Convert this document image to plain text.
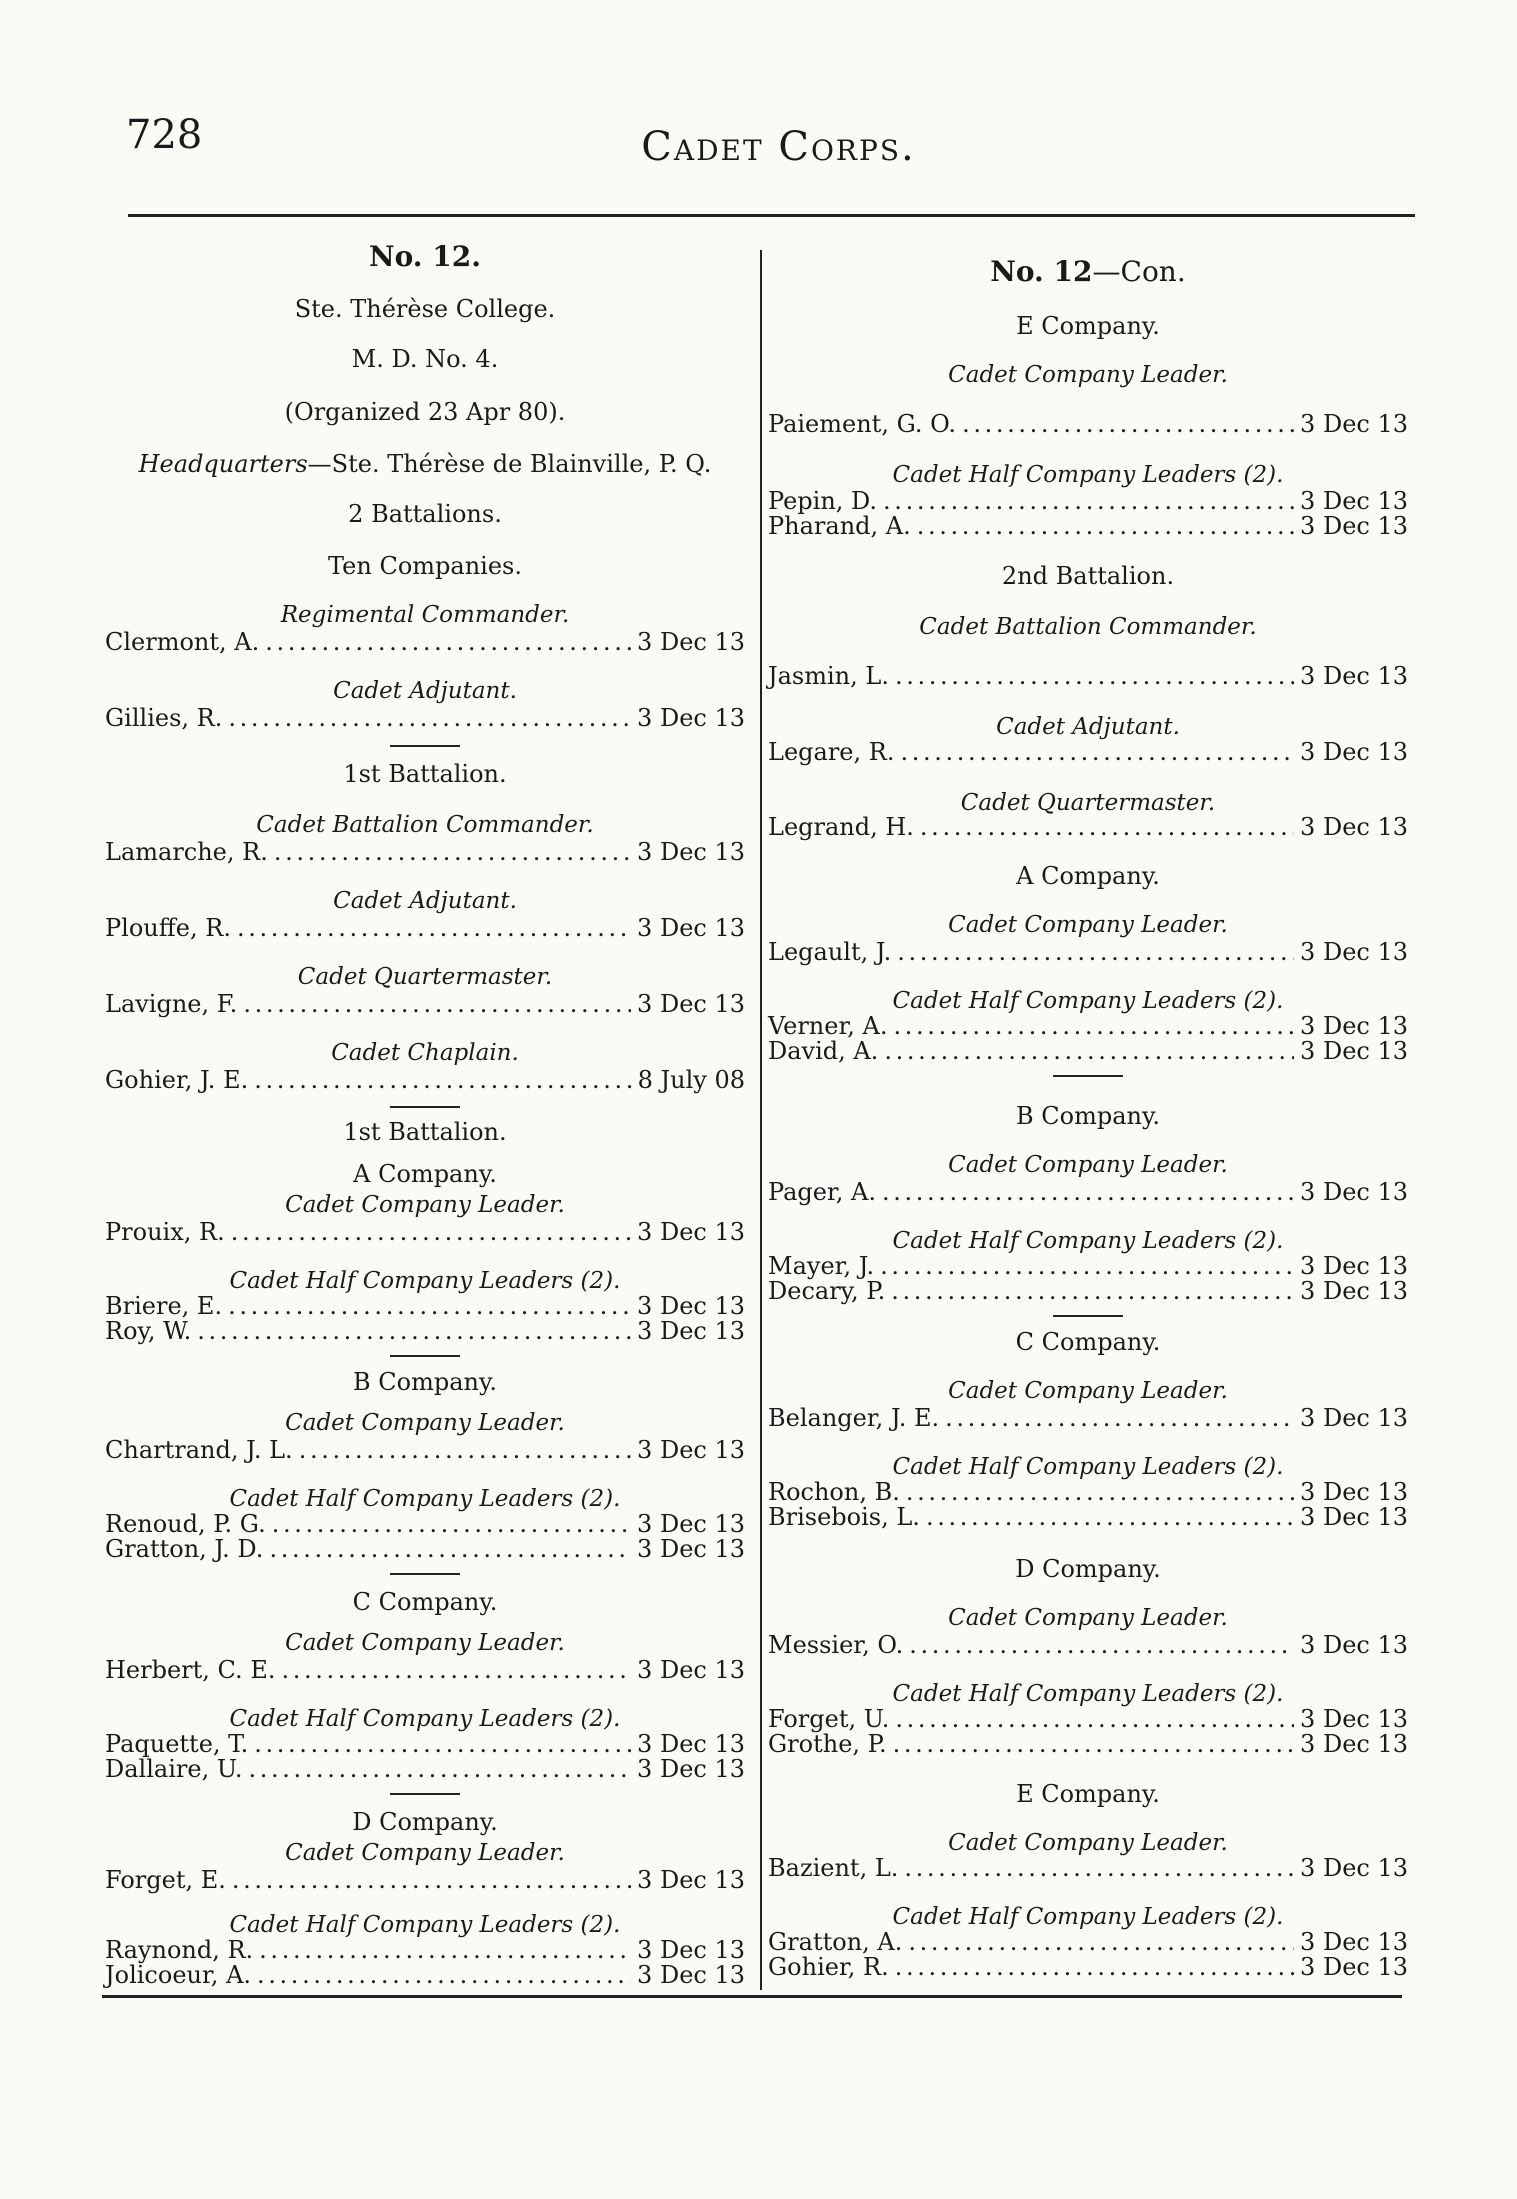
728	Cadet Corps.
No. 12.
Ste. Thérèse College.
M. D. No. 4.
(Organized 23 Apr 80).
Headquarters—Ste. Thérèse de Blainville, P. Q.
2 Battalions.
Ten Companies.
Regimental Commander.
Clermont, A. . . .	3 Dec 13
Cadet Adjutant.
Gillies, R. . . .	3 Dec 13
1st Battalion.
Cadet Battalion Commander.
Lamarche, R. . . .	3 Dec 13
Cadet Adjutant.
Plouffe, R. . . .	3 Dec 13
Cadet Quartermaster.
Lavigne, F. . . .	3 Dec 13
Cadet Chaplain.
Gohier, J. E. . . .	8 July 08
1st Battalion.
A Company.
Cadet Company Leader.
Prouix, R. . . .	3 Dec 13
Cadet Half Company Leaders (2).
Briere, E. . . .	3 Dec 13
Roy, W. . . .	3 Dec 13
B Company.
Cadet Company Leader.
Chartrand, J. L. . . .	3 Dec 13
Cadet Half Company Leaders (2).
Renoud, P. G. . . .	3 Dec 13
Gratton, J. D. . . .	3 Dec 13
C Company.
Cadet Company Leader.
Herbert, C. E. . . .	3 Dec 13
Cadet Half Company Leaders (2).
Paquette, T. . . .	3 Dec 13
Dallaire, U. . . .	3 Dec 13
D Company.
Cadet Company Leader.
Forget, E. . . .	3 Dec 13
Cadet Half Company Leaders (2).
Raynond, R. . . .	3 Dec 13
Jolicoeur, A. . . .	3 Dec 13
No. 12—Con.
E Company.
Cadet Company Leader.
Paiement, G. O. . . .	3 Dec 13
Cadet Half Company Leaders (2).
Pepin, D. . . .	3 Dec 13
Pharand, A. . . .	3 Dec 13
2nd Battalion.
Cadet Battalion Commander.
Jasmin, L. . . .	3 Dec 13
Cadet Adjutant.
Legare, R. . . .	3 Dec 13
Cadet Quartermaster.
Legrand, H. . . .	3 Dec 13
A Company.
Cadet Company Leader.
Legault, J. . . .	3 Dec 13
Cadet Half Company Leaders (2).
Verner, A. . . .	3 Dec 13
David, A. . . .	3 Dec 13
B Company.
Cadet Company Leader.
Pager, A. . . .	3 Dec 13
Cadet Half Company Leaders (2).
Mayer, J. . . .	3 Dec 13
Decary, P. . . .	3 Dec 13
C Company.
Cadet Company Leader.
Belanger, J. E. . . .	3 Dec 13
Cadet Half Company Leaders (2).
Rochon, B. . . .	3 Dec 13
Brisebois, L. . . .	3 Dec 13
D Company.
Cadet Company Leader.
Messier, O. . . .	3 Dec 13
Cadet Half Company Leaders (2).
Forget, U. . . .	3 Dec 13
Grothe, P. . . .	3 Dec 13
E Company.
Cadet Company Leader.
Bazient, L. . . .	3 Dec 13
Cadet Half Company Leaders (2).
Gratton, A. . . .	3 Dec 13
Gohier, R. . . .	3 Dec 13
